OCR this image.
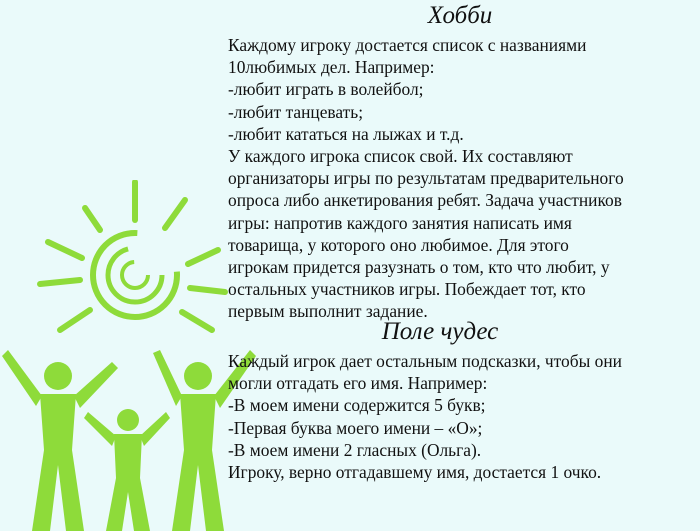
Хобби
Каждому игроку достается список с названиями
10любимых дел. Например:
-любит играть в волейбол;
-любит танцевать;
-любит кататься на лыжах и т.д.
У каждого игрока список свой. Их составляют
организаторы игры по результатам предварительного
опроса либо анкетирования ребят. Задача участников
игры: напротив каждого занятия написать имя
товарища, у которого оно любимое. Для этого
игрокам придется разузнать о том, кто что любит, у
остальных участников игры. Побеждает тот, кто
первым выполнит задание.
Поле чудес
Каждый игрок дает остальным подсказки, чтобы они
могли отгадать его имя. Например:
-В моем имени содержится 5 букв;
-Первая буква моего имени – «О»;
-В моем имени 2 гласных (Ольга).
Игроку, верно отгадавшему имя, достается 1 очко.
